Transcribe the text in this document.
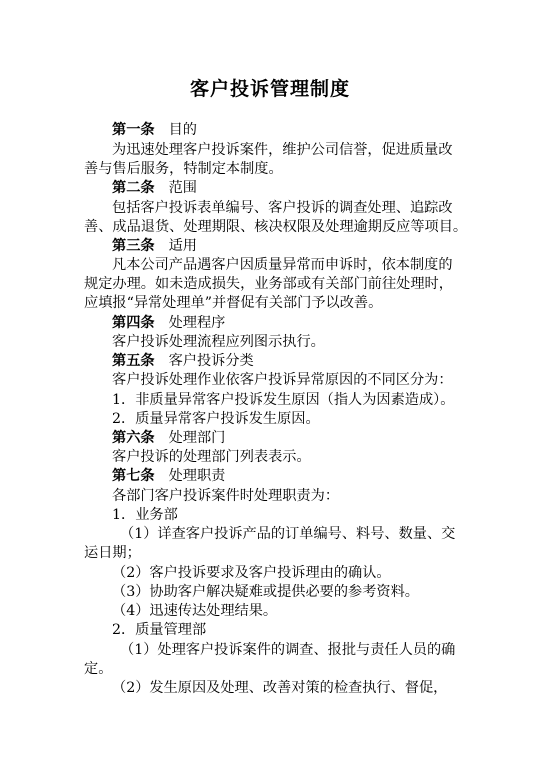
客户投诉管理制度
第一条 目的
为迅速处理客户投诉案件，维护公司信誉，促进质量改
善与售后服务，特制定本制度。
第二条 范围
包括客户投诉表单编号、客户投诉的调查处理、追踪改
善、成品退货、处理期限、核决权限及处理逾期反应等项目。
第三条 适用
凡本公司产品遇客户因质量异常而申诉时，依本制度的
规定办理。如未造成损失，业务部或有关部门前往处理时，
应填报“异常处理单”并督促有关部门予以改善。
第四条 处理程序
客户投诉处理流程应列图示执行。
第五条 客户投诉分类
客户投诉处理作业依客户投诉异常原因的不同区分为：
1．非质量异常客户投诉发生原因（指人为因素造成）。
2．质量异常客户投诉发生原因。
第六条 处理部门
客户投诉的处理部门列表表示。
第七条 处理职责
各部门客户投诉案件时处理职责为：
1．业务部
（1）详查客户投诉产品的订单编号、料号、数量、交
运日期；
（2）客户投诉要求及客户投诉理由的确认。
（3）协助客户解决疑难或提供必要的参考资料。
（4）迅速传达处理结果。
2．质量管理部
（1）处理客户投诉案件的调查、报批与责任人员的确
定。
（2）发生原因及处理、改善对策的检查执行、督促，
